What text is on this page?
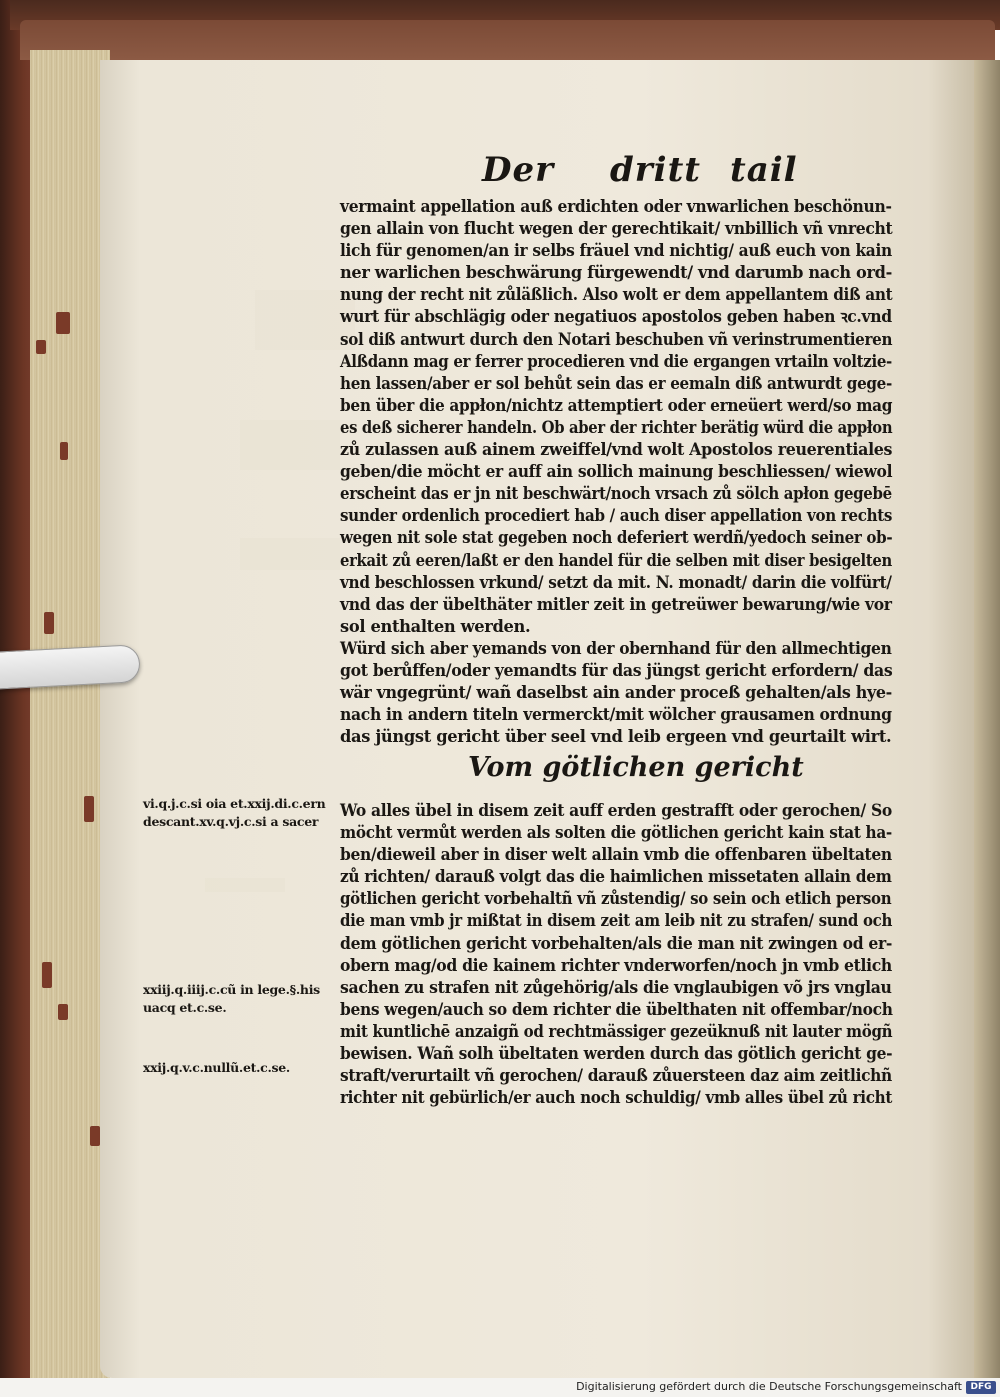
Der dritt tail
vermaint appellation auß erdichten oder vnwarlichen beschönun-
gen allain von flucht wegen der gerechtikait/ vnbillich vñ vnrecht
lich für genomen/an ir selbs fräuel vnd nichtig/ auß euch von kain
ner warlichen beschwärung fürgewendt/ vnd darumb nach ord-
nung der recht nit zůläßlich. Also wolt er dem appellantem diß ant
wurt für abschlägig oder negatiuos apostolos geben haben ꝛc.vnd
sol diß antwurt durch den Notari beschuben vñ verinstrumentieren
Alßdann mag er ferrer procedieren vnd die ergangen vrtailn voltzie-
hen lassen/aber er sol behůt sein das er eemaln diß antwurdt gege-
ben über die appłon/nichtz attemptiert oder erneüert werd/so mag
es deß sicherer handeln. Ob aber der richter berätig würd die appłon
zů zulassen auß ainem zweiffel/vnd wolt Apostolos reuerentiales
geben/die möcht er auff ain sollich mainung beschliessen/ wiewol
erscheint das er jn nit beschwärt/noch vrsach zů sölch apłon gegebē
sunder ordenlich procediert hab / auch diser appellation von rechts
wegen nit sole stat gegeben noch deferiert werdñ/yedoch seiner ob-
erkait zů eeren/laßt er den handel für die selben mit diser besigelten
vnd beschlossen vrkund/ setzt da mit. N. monadt/ darin die volfürt/
vnd das der übelthäter mitler zeit in getreüwer bewarung/wie vor
sol enthalten werden.
Würd sich aber yemands von der obernhand für den allmechtigen
got berůffen/oder yemandts für das jüngst gericht erfordern/ das
wär vngegrünt/ wañ daselbst ain ander proceß gehalten/als hye-
nach in andern titeln vermerckt/mit wölcher grausamen ordnung
das jüngst gericht über seel vnd leib ergeen vnd geurtailt wirt.
Vom götlichen gericht
Wo alles übel in disem zeit auff erden gestrafft oder gerochen/ So
möcht vermůt werden als solten die götlichen gericht kain stat ha-
ben/dieweil aber in diser welt allain vmb die offenbaren übeltaten
zů richten/ darauß volgt das die haimlichen missetaten allain dem
götlichen gericht vorbehaltñ vñ zůstendig/ so sein och etlich person
die man vmb jr mißtat in disem zeit am leib nit zu strafen/ sund och
dem götlichen gericht vorbehalten/als die man nit zwingen od er-
obern mag/od die kainem richter vnderworfen/noch jn vmb etlich
sachen zu strafen nit zůgehörig/als die vnglaubigen võ jrs vnglau
bens wegen/auch so dem richter die übelthaten nit offembar/noch
mit kuntlichē anzaigñ od rechtmässiger gezeüknuß nit lauter mögñ
bewisen. Wañ solh übeltaten werden durch das götlich gericht ge-
straft/verurtailt vñ gerochen/ darauß zůuersteen daz aim zeitlichñ
richter nit gebürlich/er auch noch schuldig/ vmb alles übel zů richt
vi.q.j.c.si oia et.xxij.di.c.ern
descant.xv.q.vj.c.si a sacer
xxiij.q.iiij.c.cũ in lege.§.his
uacq et.c.se.
xxij.q.v.c.nullũ.et.c.se.
Digitalisierung gefördert durch die Deutsche Forschungsgemeinschaft DFG
